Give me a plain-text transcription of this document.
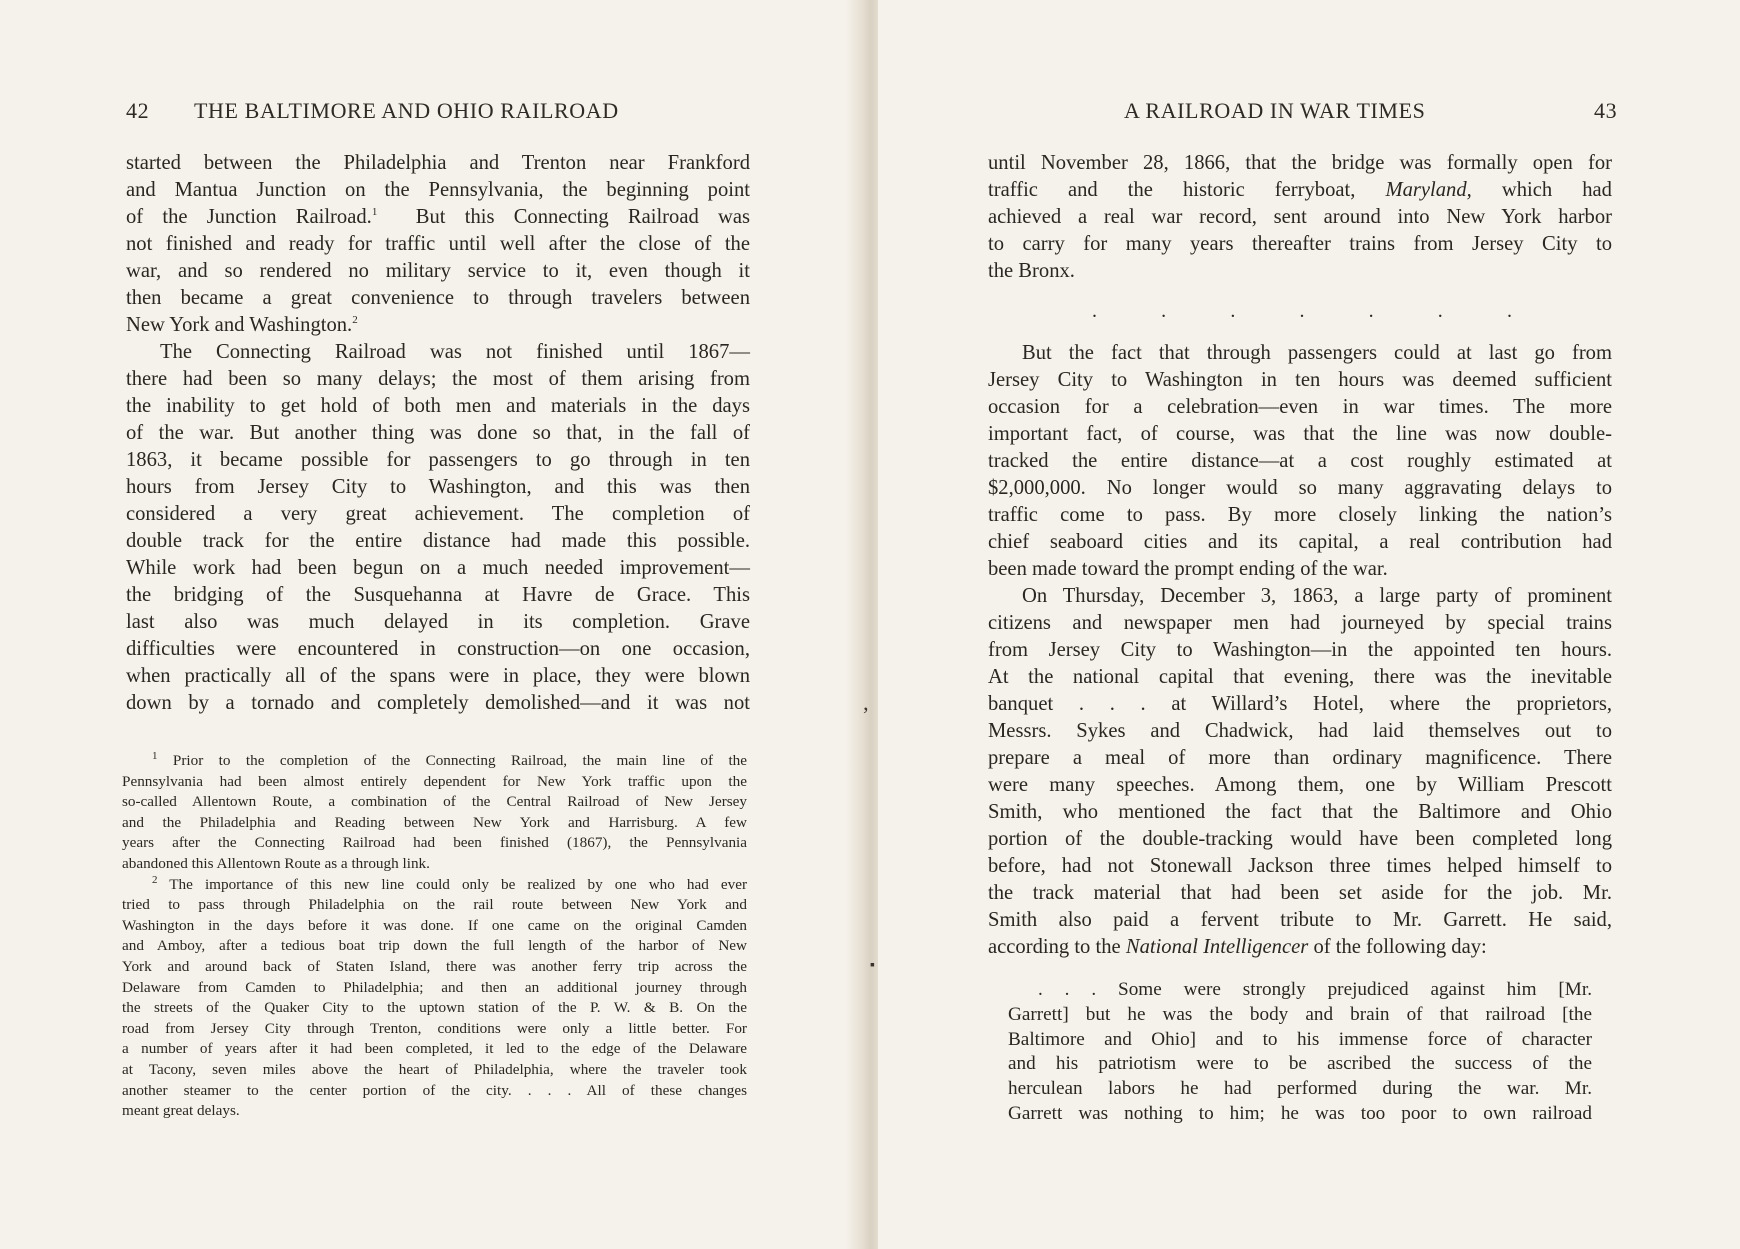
42 THE BALTIMORE AND OHIO RAILROAD
started between the Philadelphia and Trenton near Frankford
and Mantua Junction on the Pennsylvania, the beginning point
of the Junction Railroad.$^1$ But this Connecting Railroad was
not finished and ready for traffic until well after the close of the
war, and so rendered no military service to it, even though it
then became a great convenience to through travelers between
New York and Washington.$^2$
The Connecting Railroad was not finished until 1867—
there had been so many delays; the most of them arising from
the inability to get hold of both men and materials in the days
of the war. But another thing was done so that, in the fall of
1863, it became possible for passengers to go through in ten
hours from Jersey City to Washington, and this was then
considered a very great achievement. The completion of
double track for the entire distance had made this possible.
While work had been begun on a much needed improvement—
the bridging of the Susquehanna at Havre de Grace. This
last also was much delayed in its completion. Grave
difficulties were encountered in construction—on one occasion,
when practically all of the spans were in place, they were blown
down by a tornado and completely demolished—and it was not
$^1$ Prior to the completion of the Connecting Railroad, the main line of the
Pennsylvania had been almost entirely dependent for New York traffic upon the
so-called Allentown Route, a combination of the Central Railroad of New Jersey
and the Philadelphia and Reading between New York and Harrisburg. A few
years after the Connecting Railroad had been finished (1867), the Pennsylvania
abandoned this Allentown Route as a through link.
$^2$ The importance of this new line could only be realized by one who had ever
tried to pass through Philadelphia on the rail route between New York and
Washington in the days before it was done. If one came on the original Camden
and Amboy, after a tedious boat trip down the full length of the harbor of New
York and around back of Staten Island, there was another ferry trip across the
Delaware from Camden to Philadelphia; and then an additional journey through
the streets of the Quaker City to the uptown station of the P. W. & B. On the
road from Jersey City through Trenton, conditions were only a little better. For
a number of years after it had been completed, it led to the edge of the Delaware
at Tacony, seven miles above the heart of Philadelphia, where the traveler took
another steamer to the center portion of the city. . . . All of these changes
meant great delays.
’
▪
A RAILROAD IN WAR TIMES	43
until November 28, 1866, that the bridge was formally open for
traffic and the historic ferryboat, Maryland, which had
achieved a real war record, sent around into New York harbor
to carry for many years thereafter trains from Jersey City to
the Bronx.
.	.	.	.	.	.	.
But the fact that through passengers could at last go from
Jersey City to Washington in ten hours was deemed sufficient
occasion for a celebration—even in war times. The more
important fact, of course, was that the line was now double-
tracked the entire distance—at a cost roughly estimated at
$2,000,000. No longer would so many aggravating delays to
traffic come to pass. By more closely linking the nation’s
chief seaboard cities and its capital, a real contribution had
been made toward the prompt ending of the war.
On Thursday, December 3, 1863, a large party of prominent
citizens and newspaper men had journeyed by special trains
from Jersey City to Washington—in the appointed ten hours.
At the national capital that evening, there was the inevitable
banquet . . . at Willard’s Hotel, where the proprietors,
Messrs. Sykes and Chadwick, had laid themselves out to
prepare a meal of more than ordinary magnificence. There
were many speeches. Among them, one by William Prescott
Smith, who mentioned the fact that the Baltimore and Ohio
portion of the double-tracking would have been completed long
before, had not Stonewall Jackson three times helped himself to
the track material that had been set aside for the job. Mr.
Smith also paid a fervent tribute to Mr. Garrett. He said,
according to the National Intelligencer of the following day:
. . . Some were strongly prejudiced against him [Mr.
Garrett] but he was the body and brain of that railroad [the
Baltimore and Ohio] and to his immense force of character
and his patriotism were to be ascribed the success of the
herculean labors he had performed during the war. Mr.
Garrett was nothing to him; he was too poor to own railroad
